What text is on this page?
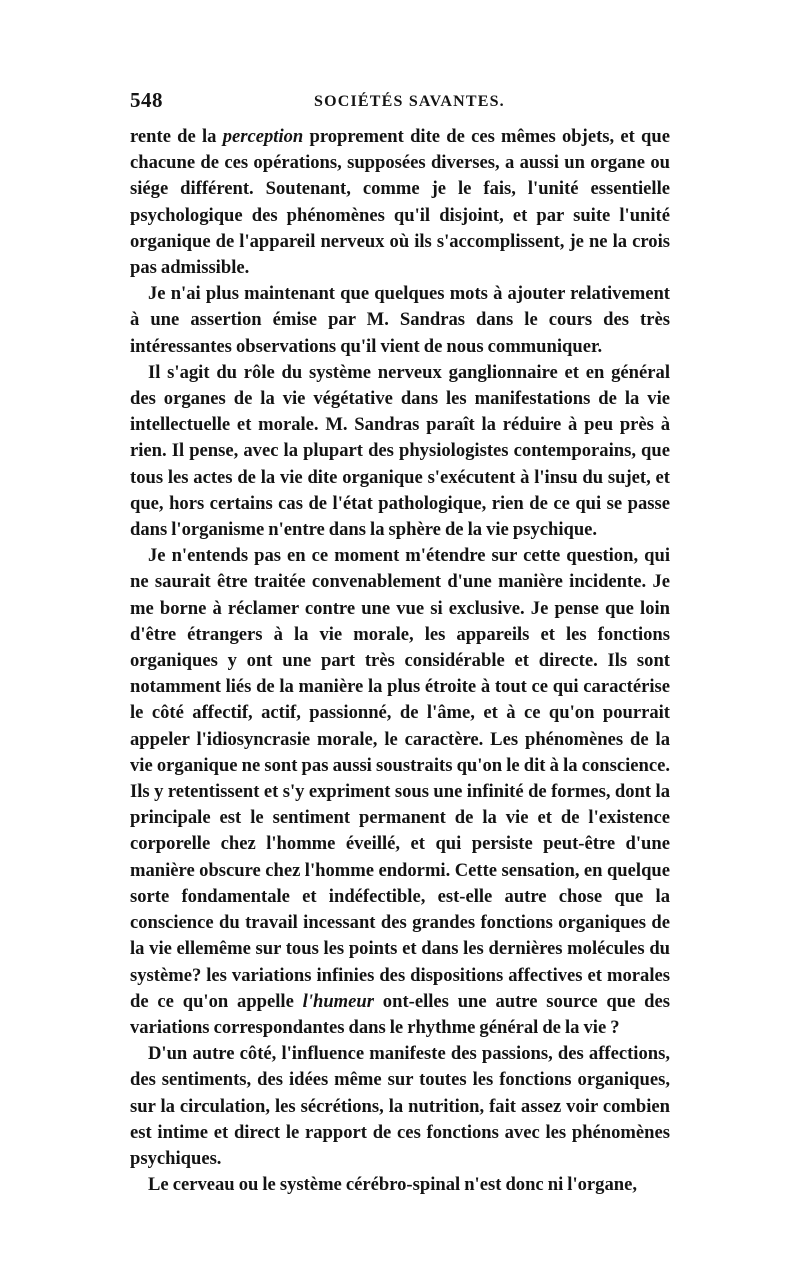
548	SOCIÉTÉS SAVANTES.

rente de la perception proprement dite de ces mêmes objets, et que chacune de ces opérations, supposées diverses, a aussi un organe ou siége différent. Soutenant, comme je le fais, l'unité essentielle psychologique des phénomènes qu'il disjoint, et par suite l'unité organique de l'appareil nerveux où ils s'accomplissent, je ne la crois pas admissible.

Je n'ai plus maintenant que quelques mots à ajouter relativement à une assertion émise par M. Sandras dans le cours des très intéressantes observations qu'il vient de nous communiquer.

Il s'agit du rôle du système nerveux ganglionnaire et en général des organes de la vie végétative dans les manifestations de la vie intellectuelle et morale. M. Sandras paraît la réduire à peu près à rien. Il pense, avec la plupart des physiologistes contemporains, que tous les actes de la vie dite organique s'exécutent à l'insu du sujet, et que, hors certains cas de l'état pathologique, rien de ce qui se passe dans l'organisme n'entre dans la sphère de la vie psychique.

Je n'entends pas en ce moment m'étendre sur cette question, qui ne saurait être traitée convenablement d'une manière incidente. Je me borne à réclamer contre une vue si exclusive. Je pense que loin d'être étrangers à la vie morale, les appareils et les fonctions organiques y ont une part très considérable et directe. Ils sont notamment liés de la manière la plus étroite à tout ce qui caractérise le côté affectif, actif, passionné, de l'âme, et à ce qu'on pourrait appeler l'idiosyncrasie morale, le caractère. Les phénomènes de la vie organique ne sont pas aussi soustraits qu'on le dit à la conscience. Ils y retentissent et s'y expriment sous une infinité de formes, dont la principale est le sentiment permanent de la vie et de l'existence corporelle chez l'homme éveillé, et qui persiste peut-être d'une manière obscure chez l'homme endormi. Cette sensation, en quelque sorte fondamentale et indéfectible, est-elle autre chose que la conscience du travail incessant des grandes fonctions organiques de la vie ellemême sur tous les points et dans les dernières molécules du système? les variations infinies des dispositions affectives et morales de ce qu'on appelle l'humeur ont-elles une autre source que des variations correspondantes dans le rhythme général de la vie ?

D'un autre côté, l'influence manifeste des passions, des affections, des sentiments, des idées même sur toutes les fonctions organiques, sur la circulation, les sécrétions, la nutrition, fait assez voir combien est intime et direct le rapport de ces fonctions avec les phénomènes psychiques.

Le cerveau ou le système cérébro-spinal n'est donc ni l'organe,
